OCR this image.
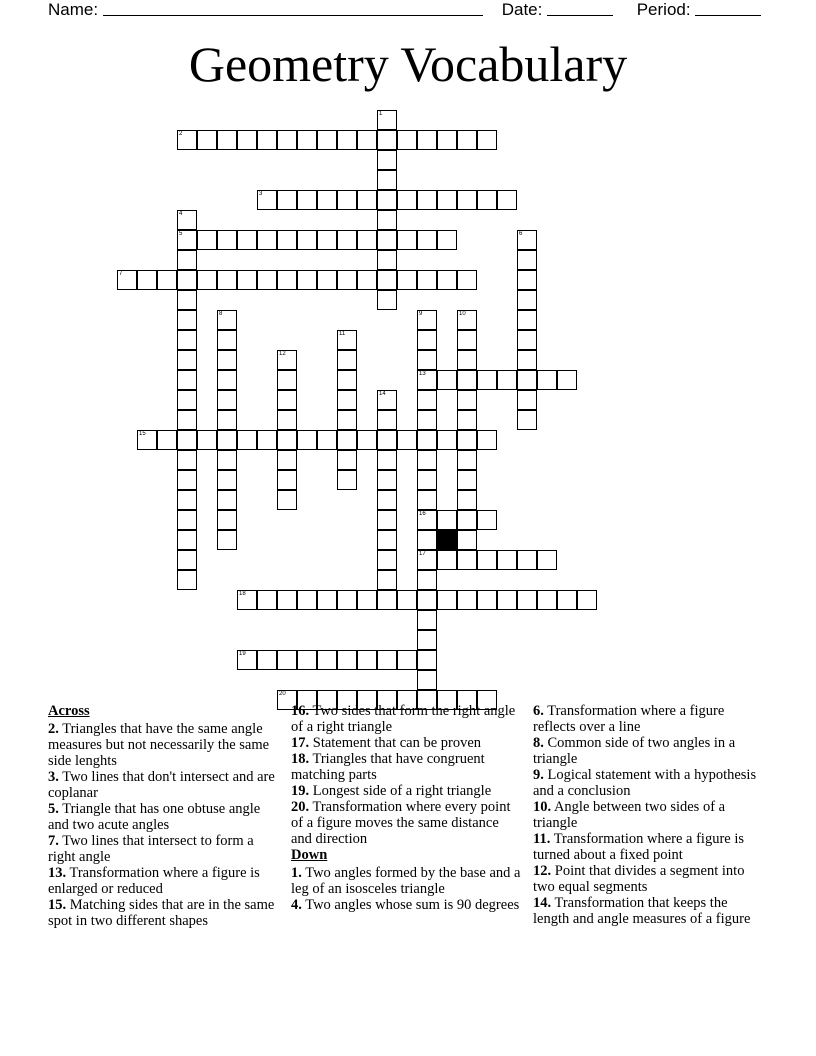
Name:	Date:	Period:
Geometry Vocabulary
2
3
5
7
13
15
16
17
18
19
20
1
4
6
8	9	10
11
12
14
Across
2. Triangles that have the same angle measures but not necessarily the same side lenghts
3. Two lines that don't intersect and are coplanar
5. Triangle that has one obtuse angle and two acute angles
7. Two lines that intersect to form a right angle
13. Transformation where a figure is enlarged or reduced
15. Matching sides that are in the same spot in two different shapes
16. Two sides that form the right angle of a right triangle
17. Statement that can be proven
18. Triangles that have congruent matching parts
19. Longest side of a right triangle
20. Transformation where every point of a figure moves the same distance and direction
Down
1. Two angles formed by the base and a leg of an isosceles triangle
4. Two angles whose sum is 90 degrees
6. Transformation where a figure reflects over a line
8. Common side of two angles in a triangle
9. Logical statement with a hypothesis and a conclusion
10. Angle between two sides of a triangle
11. Transformation where a figure is turned about a fixed point
12. Point that divides a segment into two equal segments
14. Transformation that keeps the length and angle measures of a figure
